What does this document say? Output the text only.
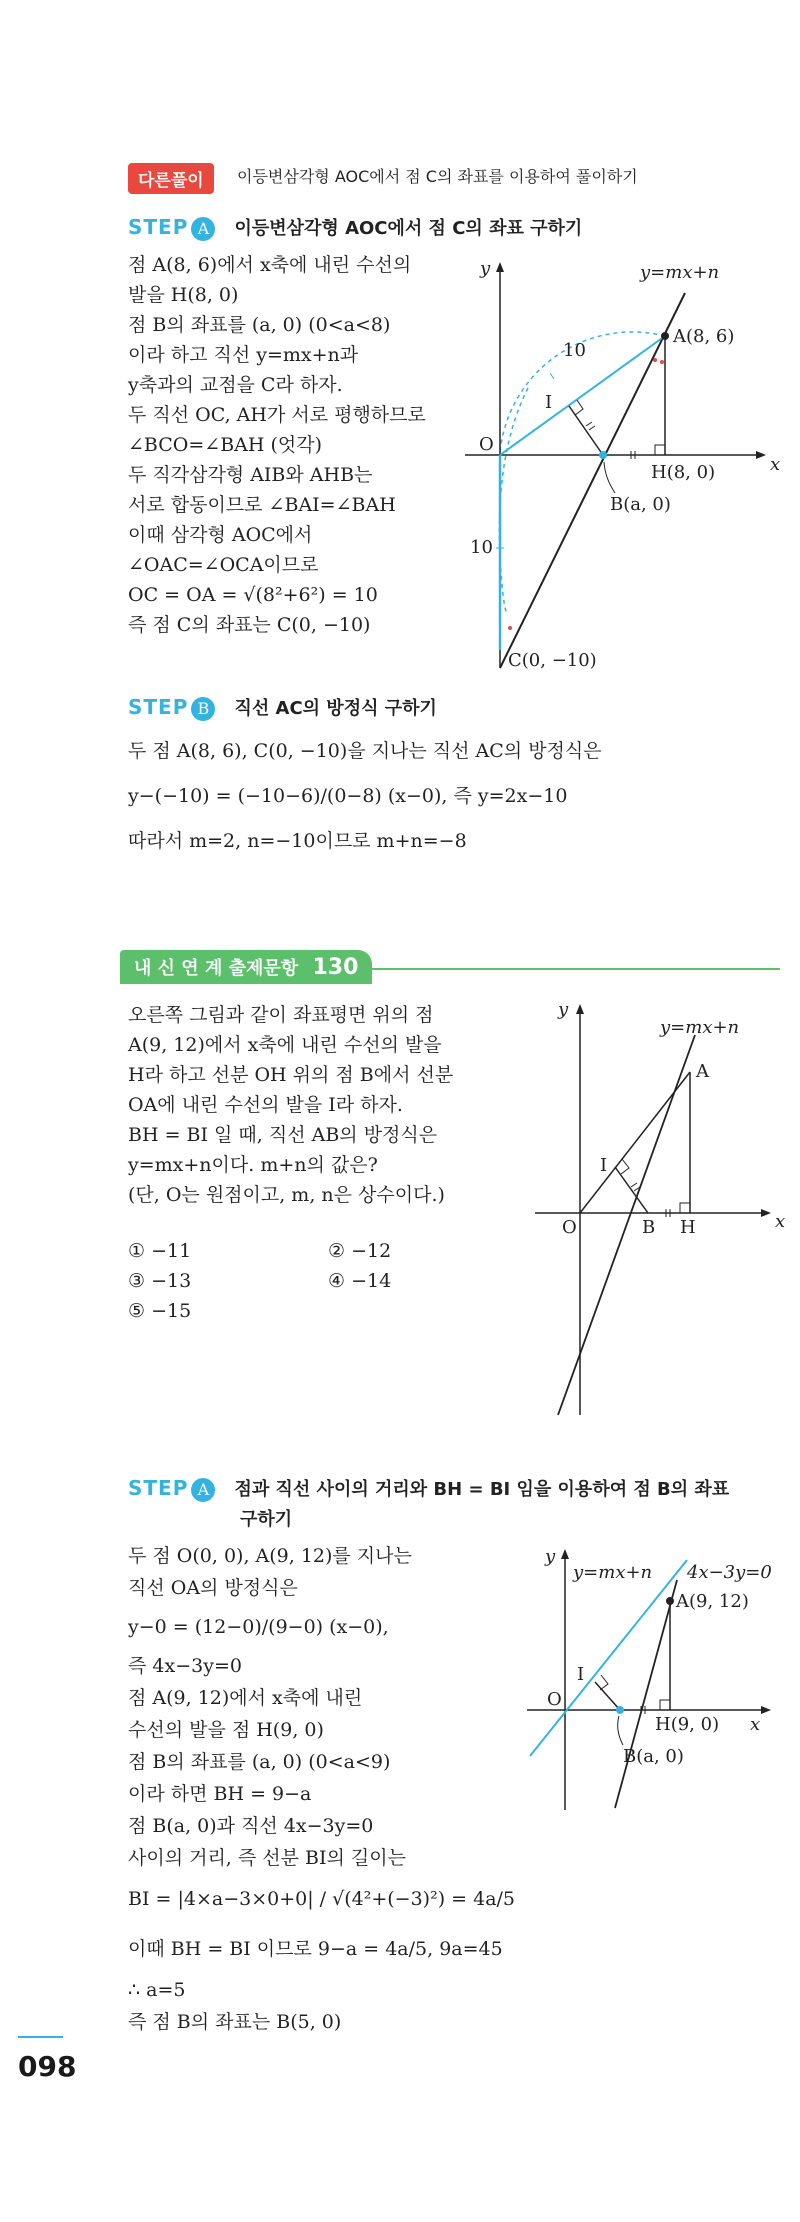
다른풀이	이등변삼각형 AOC에서 점 C의 좌표를 이용하여 풀이하기
STEP A 이등변삼각형 AOC에서 점 C의 좌표 구하기
점 A(8, 6)에서 x축에 내린 수선의
발을 H(8, 0)
점 B의 좌표를 (a, 0) (0<a<8)
이라 하고 직선 y=mx+n과
y축과의 교점을 C라 하자.
두 직선 OC, AH가 서로 평행하므로
∠BCO=∠BAH (엇각)
두 직각삼각형 AIB와 AHB는
서로 합동이므로 ∠BAI=∠BAH
이때 삼각형 AOC에서
∠OAC=∠OCA이므로
OC = OA = √(8²+6²) = 10
즉 점 C의 좌표는 C(0, −10)
y
x
O
y=mx+n
A(8, 6)
H(8, 0)
B(a, 0)
C(0, −10)
I
10
10
STEP B 직선 AC의 방정식 구하기
두 점 A(8, 6), C(0, −10)을 지나는 직선 AC의 방정식은
y−(−10) = (−10−6)/(0−8) (x−0), 즉 y=2x−10
따라서 m=2, n=−10이므로 m+n=−8
내 신 연 계 출제문항 130
오른쪽 그림과 같이 좌표평면 위의 점
A(9, 12)에서 x축에 내린 수선의 발을
H라 하고 선분 OH 위의 점 B에서 선분
OA에 내린 수선의 발을 I라 하자.
BH = BI 일 때, 직선 AB의 방정식은
y=mx+n이다. m+n의 값은?
(단, O는 원점이고, m, n은 상수이다.)
① −11	② −12
③ −13	④ −14
⑤ −15
y
x
O
y=mx+n
A
I
B H
STEP A 점과 직선 사이의 거리와 BH = BI 임을 이용하여 점 B의 좌표
구하기
두 점 O(0, 0), A(9, 12)를 지나는
직선 OA의 방정식은
y−0 = (12−0)/(9−0) (x−0),
즉 4x−3y=0
점 A(9, 12)에서 x축에 내린
수선의 발을 점 H(9, 0)
점 B의 좌표를 (a, 0) (0<a<9)
이라 하면 BH = 9−a
점 B(a, 0)과 직선 4x−3y=0
사이의 거리, 즉 선분 BI의 길이는
BI = |4×a−3×0+0| / √(4²+(−3)²) = 4a/5
이때 BH = BI 이므로 9−a = 4a/5, 9a=45
∴ a=5
즉 점 B의 좌표는 B(5, 0)
y
x
O
y=mx+n 4x−3y=0
A(9, 12)
H(9, 0)
B(a, 0)
I
098
